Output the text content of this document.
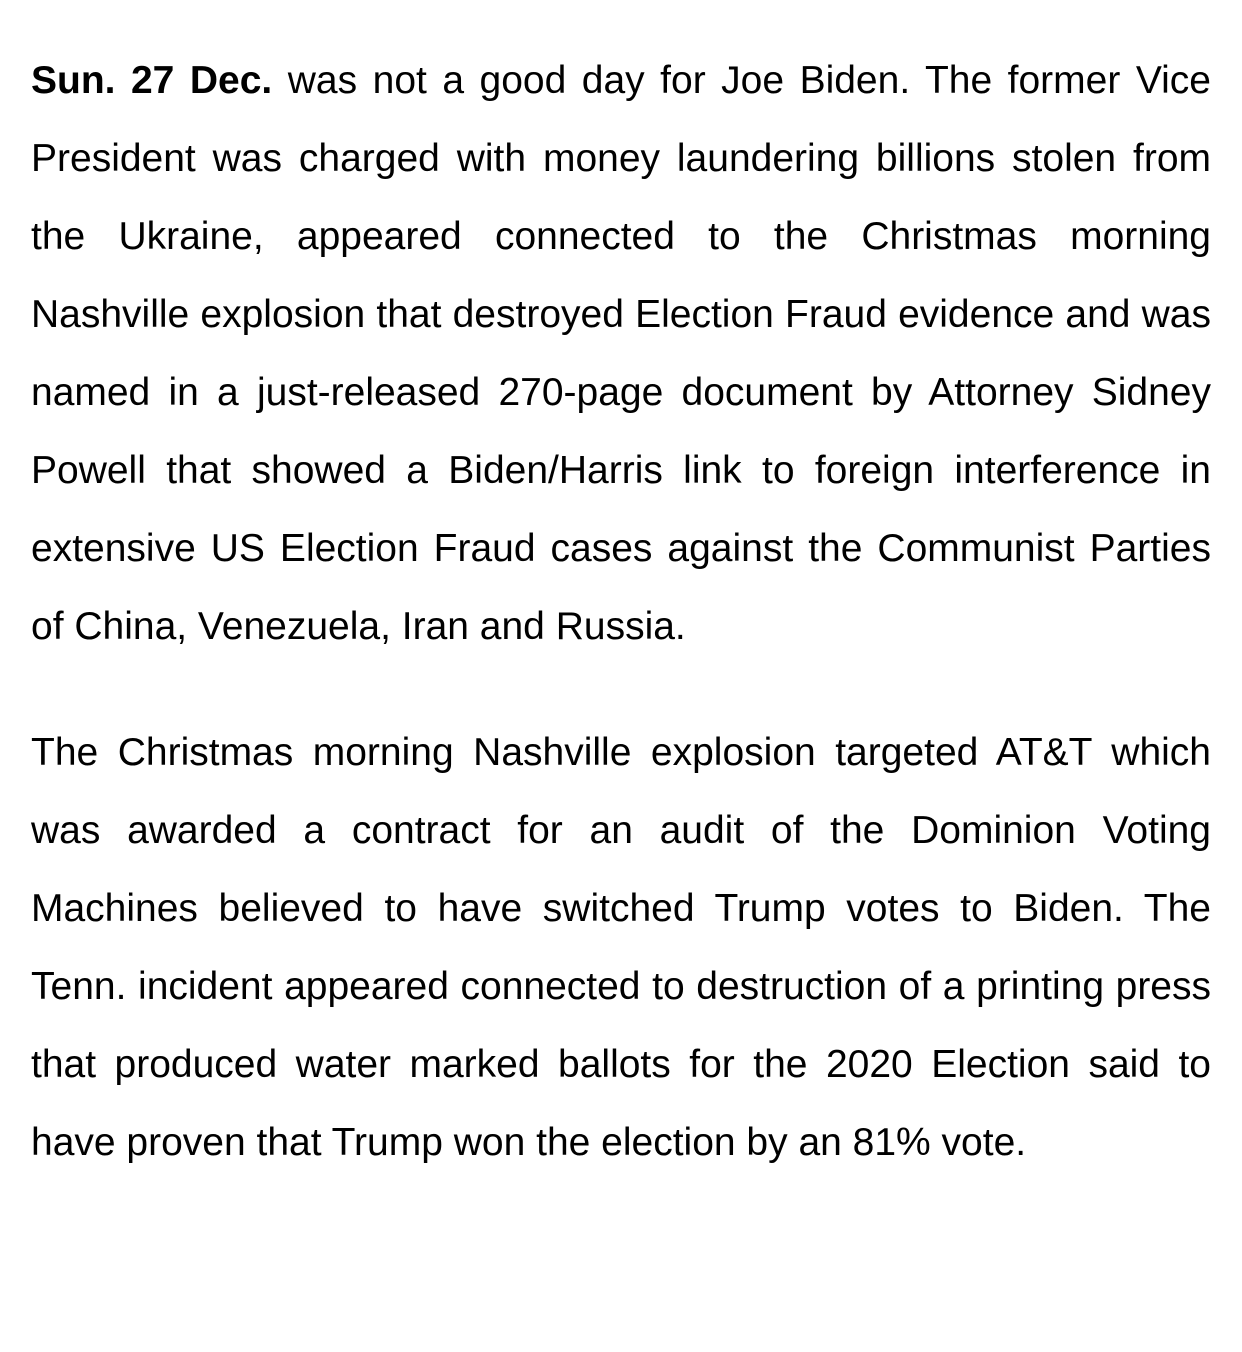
Sun. 27 Dec. was not a good day for Joe Biden. The former Vice President was charged with money laundering billions stolen from the Ukraine, appeared connected to the Christmas morning Nashville explosion that destroyed Election Fraud evidence and was named in a just-released 270-page document by Attorney Sidney Powell that showed a Biden/​Harris link to foreign interference in extensive US Election Fraud cases against the Communist Parties of China, Venezuela, Iran and Russia.

The Christmas morning Nashville explosion targeted AT&T which was awarded a contract for an audit of the Dominion Voting Machines believed to have switched Trump votes to Biden. The Tenn. incident appeared connected to destruction of a printing press that produced water marked ballots for the 2020 Election said to have proven that Trump won the election by an 81% vote.
